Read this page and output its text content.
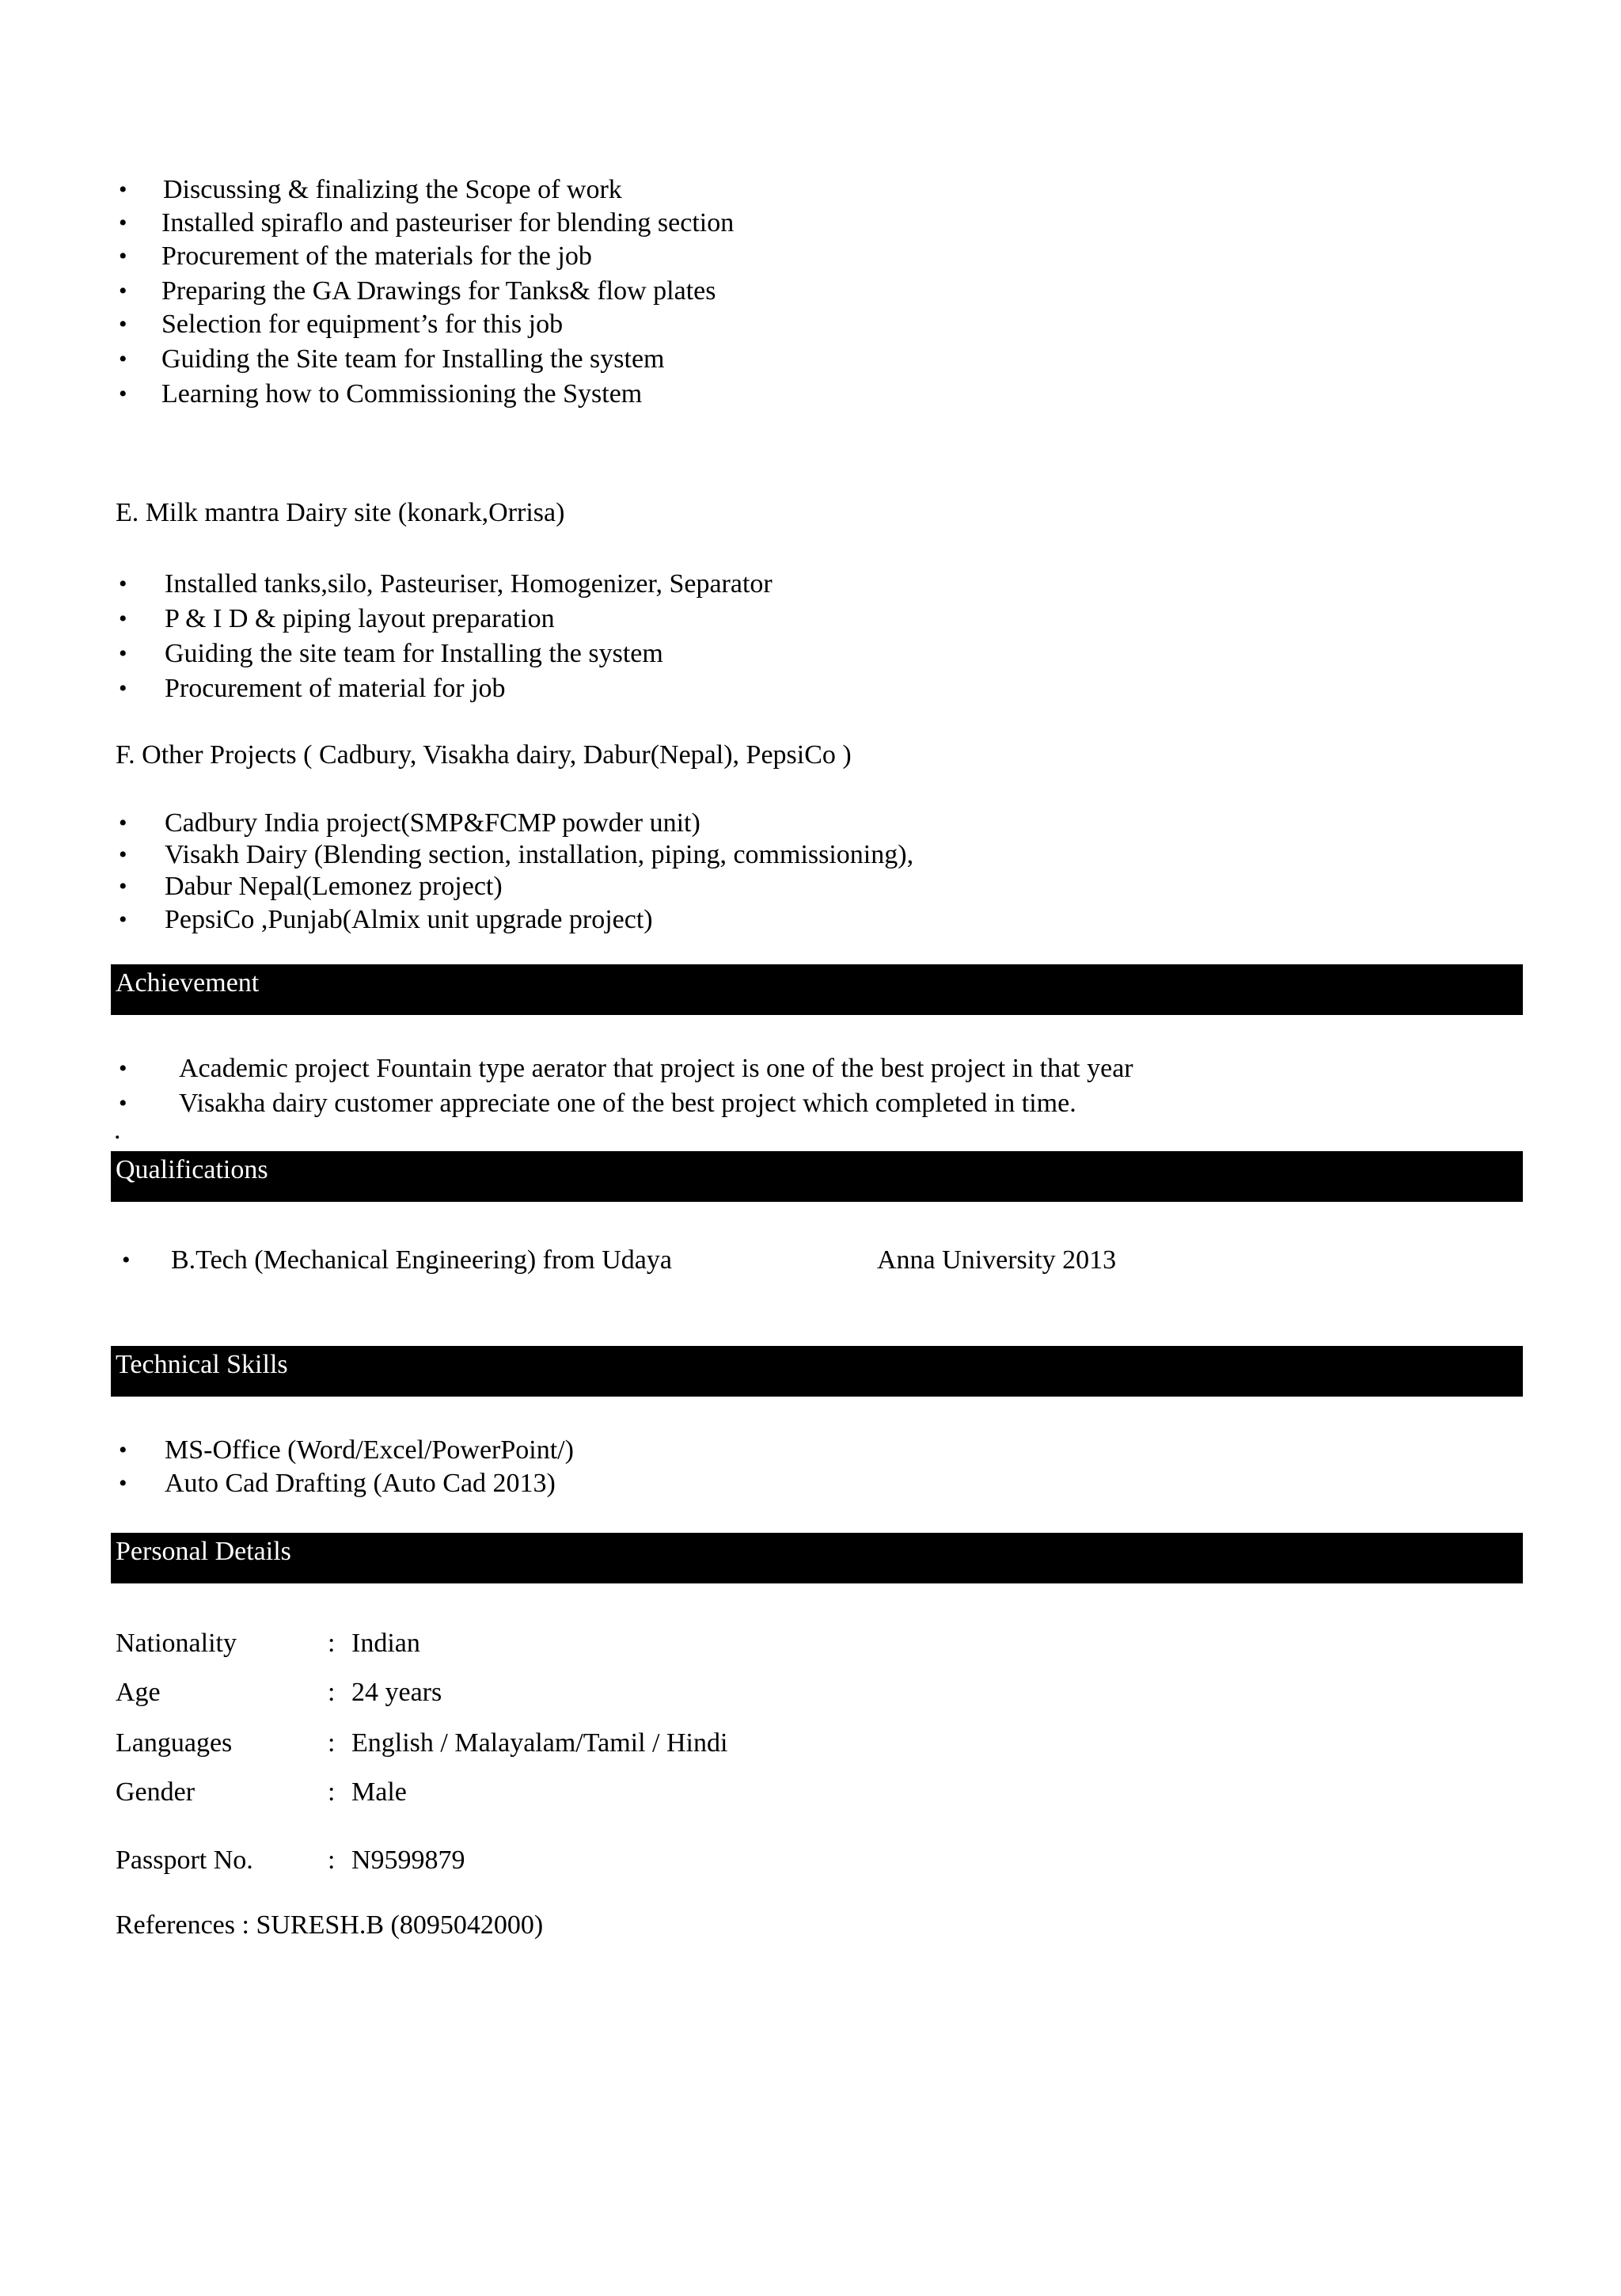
• Discussing & finalizing the Scope of work
• Installed spiraflo and pasteuriser for blending section
• Procurement of the materials for the job
• Preparing the GA Drawings for Tanks& flow plates
• Selection for equipment’s for this job
• Guiding the Site team for Installing the system
• Learning how to Commissioning the System
E. Milk mantra Dairy site (konark,Orrisa)
• Installed tanks,silo, Pasteuriser, Homogenizer, Separator
• P & I D & piping layout preparation
• Guiding the site team for Installing the system
• Procurement of material for job
F. Other Projects ( Cadbury, Visakha dairy, Dabur(Nepal), PepsiCo )
• Cadbury India project(SMP&FCMP powder unit)
• Visakh Dairy (Blending section, installation, piping, commissioning),
• Dabur Nepal(Lemonez project)
• PepsiCo ,Punjab(Almix unit upgrade project)
Achievement
• Academic project Fountain type aerator that project is one of the best project in that year
• Visakha dairy customer appreciate one of the best project which completed in time.
.
Qualifications
• B.Tech (Mechanical Engineering) from Udaya	Anna University 2013
Technical Skills
• MS-Office (Word/Excel/PowerPoint/)
• Auto Cad Drafting (Auto Cad 2013)
Personal Details
Nationality	: Indian
Age	: 24 years
Languages	: English / Malayalam/Tamil / Hindi
Gender	: Male
Passport No.	: N9599879
References : SURESH.B (8095042000)
